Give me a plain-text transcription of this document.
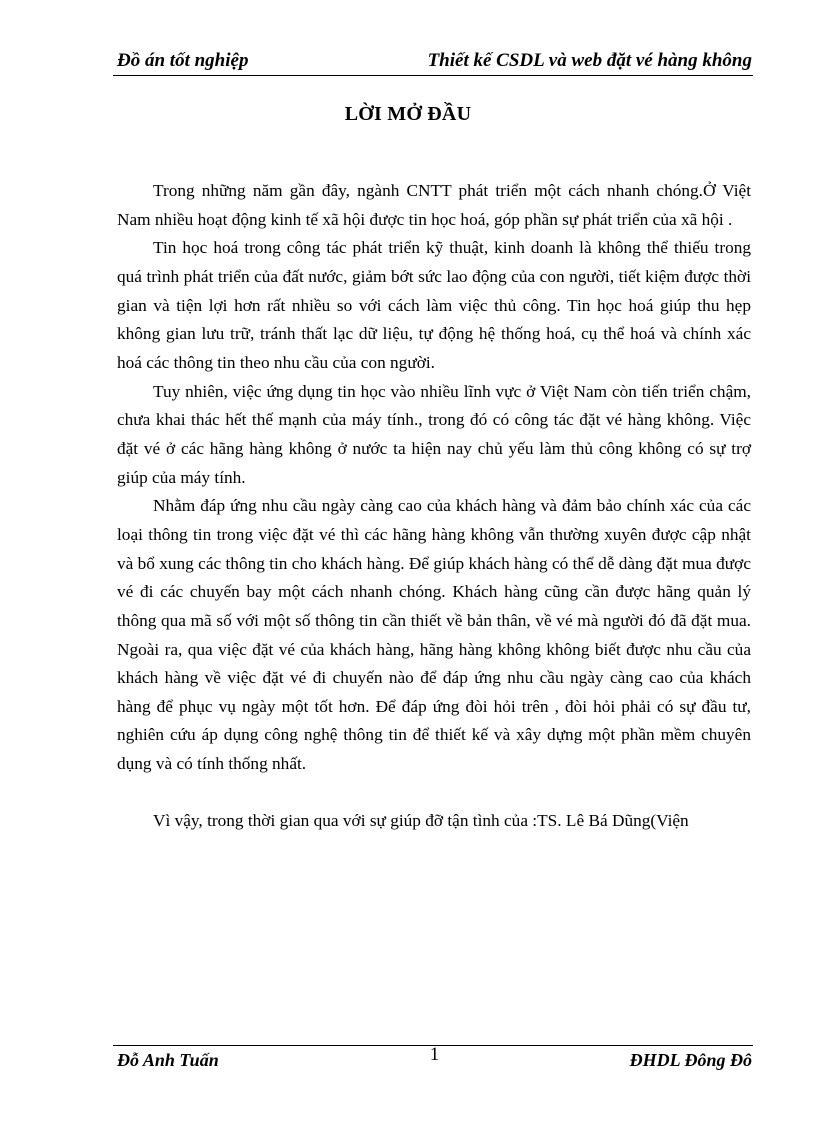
Đồ án tốt nghiệp	Thiết kế CSDL và web đặt vé hàng không
LỜI MỞ ĐẦU

Trong những năm gần đây, ngành CNTT phát triển một cách nhanh chóng.Ở Việt Nam nhiều hoạt động kinh tế xã hội được tin học hoá, góp phần sự phát triển của xã hội .

Tin học hoá trong công tác phát triển kỹ thuật, kinh doanh là không thể thiếu trong quá trình phát triển của đất nước, giảm bớt sức lao động của con người, tiết kiệm được thời gian và tiện lợi hơn rất nhiều so với cách làm việc thủ công. Tin học hoá giúp thu hẹp không gian lưu trữ, tránh thất lạc dữ liệu, tự động hệ thống hoá, cụ thể hoá và chính xác hoá các thông tin theo nhu cầu của con người.

Tuy nhiên, việc ứng dụng tin học vào nhiều lĩnh vực ở Việt Nam còn tiến triển chậm, chưa khai thác hết thế mạnh của máy tính., trong đó có công tác đặt vé hàng không. Việc đặt vé ở các hãng hàng không ở nước ta hiện nay chủ yếu làm thủ công không có sự trợ giúp của máy tính.

Nhằm đáp ứng nhu cầu ngày càng cao của khách hàng và đảm bảo chính xác của các loại thông tin trong việc đặt vé thì các hãng hàng không vẫn thường xuyên được cập nhật và bổ xung các thông tin cho khách hàng. Để giúp khách hàng có thể dễ dàng đặt mua được vé đi các chuyến bay một cách nhanh chóng. Khách hàng cũng cần được hãng quản lý thông qua mã số với một số thông tin cần thiết về bản thân, về vé mà người đó đã đặt mua. Ngoài ra, qua việc đặt vé của khách hàng, hãng hàng không không biết được nhu cầu của khách hàng về việc đặt vé đi chuyến nào để đáp ứng nhu cầu ngày càng cao của khách hàng để phục vụ ngày một tốt hơn. Để đáp ứng đòi hỏi trên , đòi hỏi phải có sự đầu tư, nghiên cứu áp dụng công nghệ thông tin để thiết kế và xây dựng một phần mềm chuyên dụng và có tính thống nhất.

Vì vậy, trong thời gian qua với sự giúp đỡ tận tình của :TS. Lê Bá Dũng(Viện

Đỗ Anh Tuấn	1	ĐHDL Đông Đô
